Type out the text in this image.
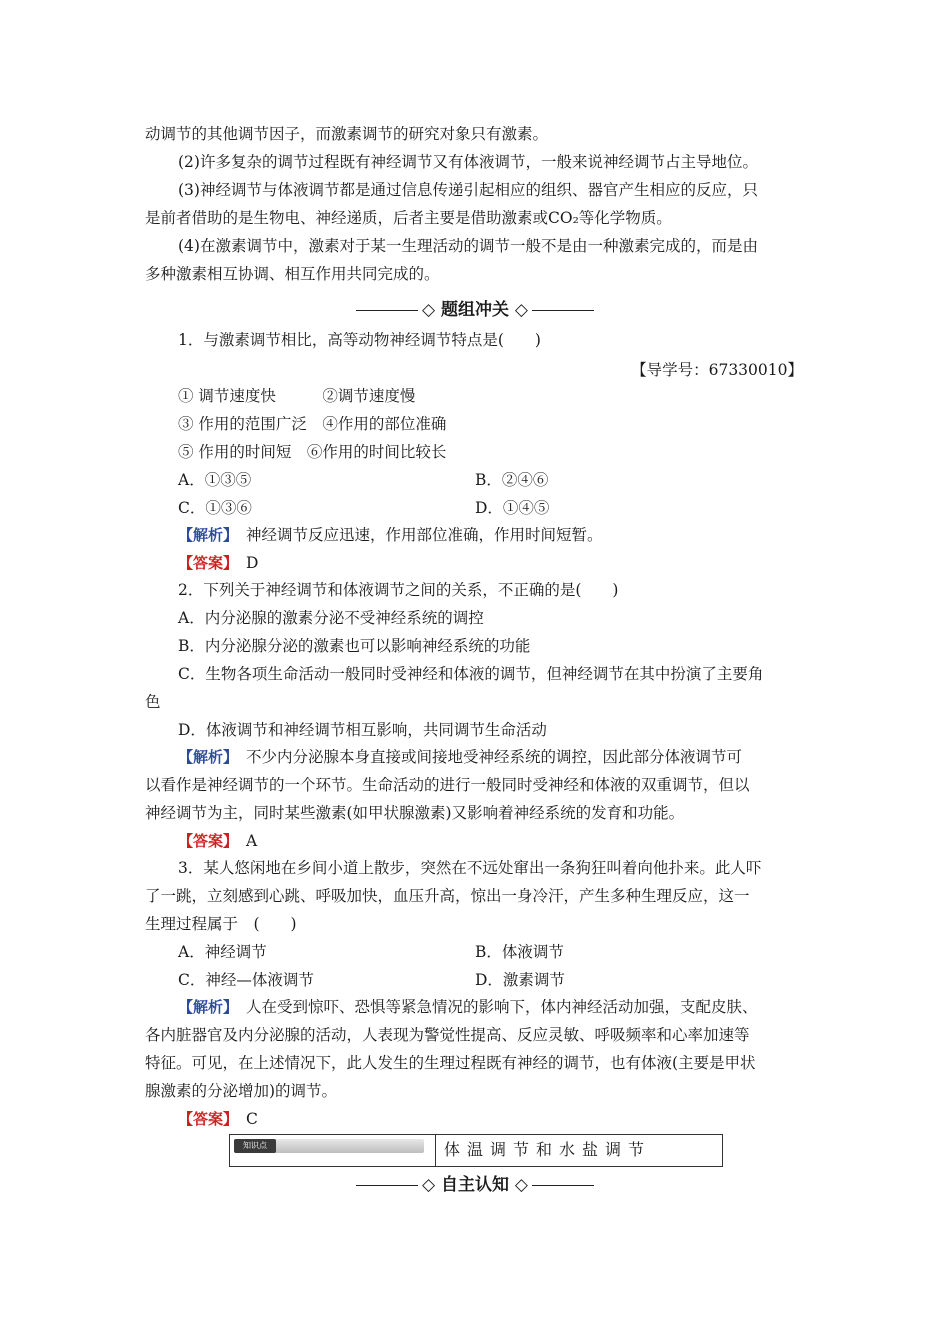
动调节的其他调节因子，而激素调节的研究对象只有激素。
(2)许多复杂的调节过程既有神经调节又有体液调节，一般来说神经调节占主导地位。
(3)神经调节与体液调节都是通过信息传递引起相应的组织、器官产生相应的反应，只
是前者借助的是生物电、神经递质，后者主要是借助激素或CO₂等化学物质。
(4)在激素调节中，激素对于某一生理活动的调节一般不是由一种激素完成的，而是由
多种激素相互协调、相互作用共同完成的。
◇ 题组冲关 ◇
1．与激素调节相比，高等动物神经调节特点是(　　)
【导学号：67330010】
① 调节速度快　　　②调节速度慢
③ 作用的范围广泛　④作用的部位准确
⑤ 作用的时间短　⑥作用的时间比较长
A．①③⑤	B．②④⑥
C．①③⑥	D．①④⑤
【解析】　神经调节反应迅速，作用部位准确，作用时间短暂。
【答案】　D
2．下列关于神经调节和体液调节之间的关系，不正确的是(　　)
A．内分泌腺的激素分泌不受神经系统的调控
B．内分泌腺分泌的激素也可以影响神经系统的功能
C．生物各项生命活动一般同时受神经和体液的调节，但神经调节在其中扮演了主要角
色
D．体液调节和神经调节相互影响，共同调节生命活动
【解析】　不少内分泌腺本身直接或间接地受神经系统的调控，因此部分体液调节可
以看作是神经调节的一个环节。生命活动的进行一般同时受神经和体液的双重调节，但以
神经调节为主，同时某些激素(如甲状腺激素)又影响着神经系统的发育和功能。
【答案】　A
3．某人悠闲地在乡间小道上散步，突然在不远处窜出一条狗狂叫着向他扑来。此人吓
了一跳，立刻感到心跳、呼吸加快，血压升高，惊出一身冷汗，产生多种生理反应，这一
生理过程属于　(　　)
A．神经调节	B．体液调节
C．神经—体液调节	D．激素调节
【解析】　人在受到惊吓、恐惧等紧急情况的影响下，体内神经活动加强，支配皮肤、
各内脏器官及内分泌腺的活动，人表现为警觉性提高、反应灵敏、呼吸频率和心率加速等
特征。可见，在上述情况下，此人发生的生理过程既有神经的调节，也有体液(主要是甲状
腺激素的分泌增加)的调节。
【答案】　C
知识点	体温调节和水盐调节
◇ 自主认知 ◇
